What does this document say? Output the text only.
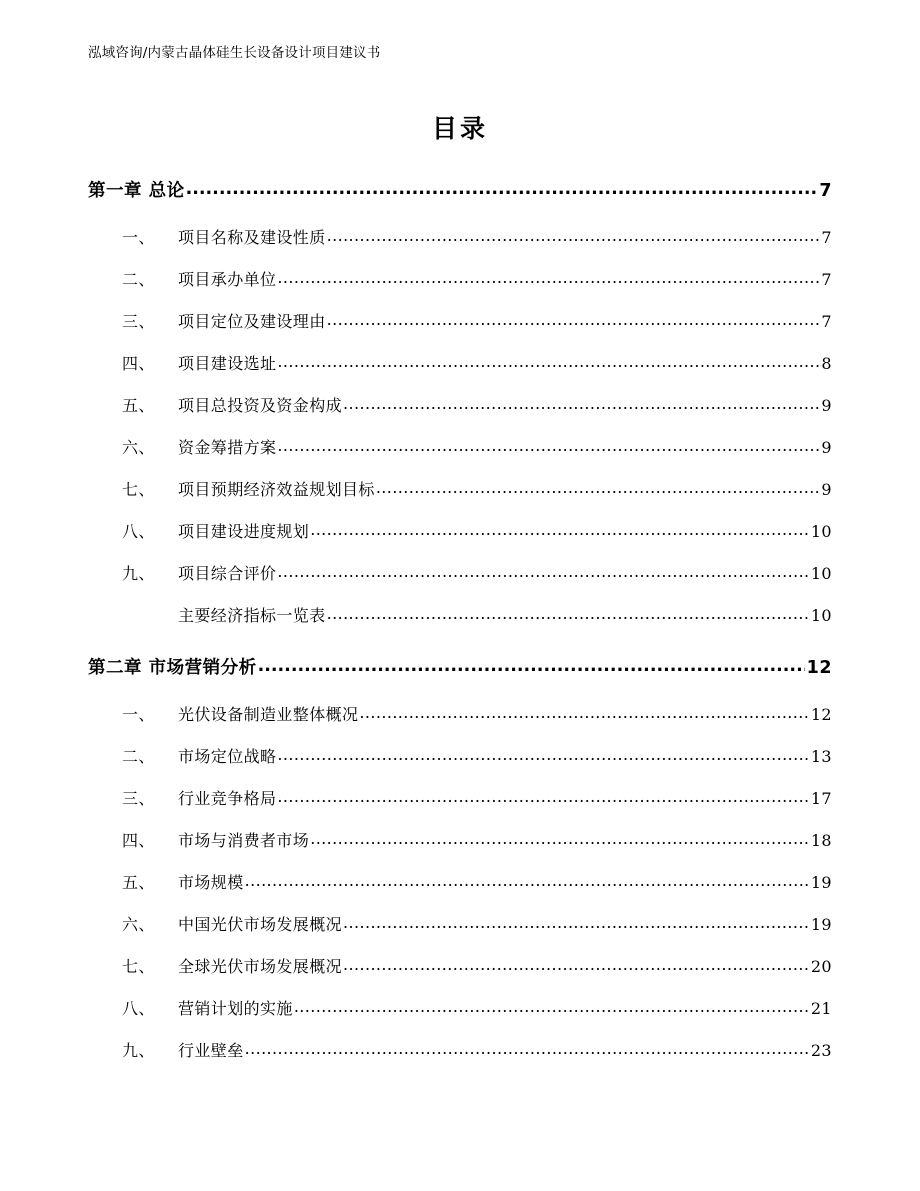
泓域咨询/内蒙古晶体硅生长设备设计项目建议书
目录
第一章 总论 .....	7
一、 项目名称及建设性质 .....	7
二、 项目承办单位 .....	7
三、 项目定位及建设理由 .....	7
四、 项目建设选址 .....	8
五、 项目总投资及资金构成 .....	9
六、 资金筹措方案 .....	9
七、 项目预期经济效益规划目标 .....	9
八、 项目建设进度规划 .....	10
九、 项目综合评价 .....	10
主要经济指标一览表 .....	10
第二章 市场营销分析 .....	12
一、 光伏设备制造业整体概况 .....	12
二、 市场定位战略 .....	13
三、 行业竞争格局 .....	17
四、 市场与消费者市场 .....	18
五、 市场规模 .....	19
六、 中国光伏市场发展概况 .....	19
七、 全球光伏市场发展概况 .....	20
八、 营销计划的实施 .....	21
九、 行业壁垒 .....	23
